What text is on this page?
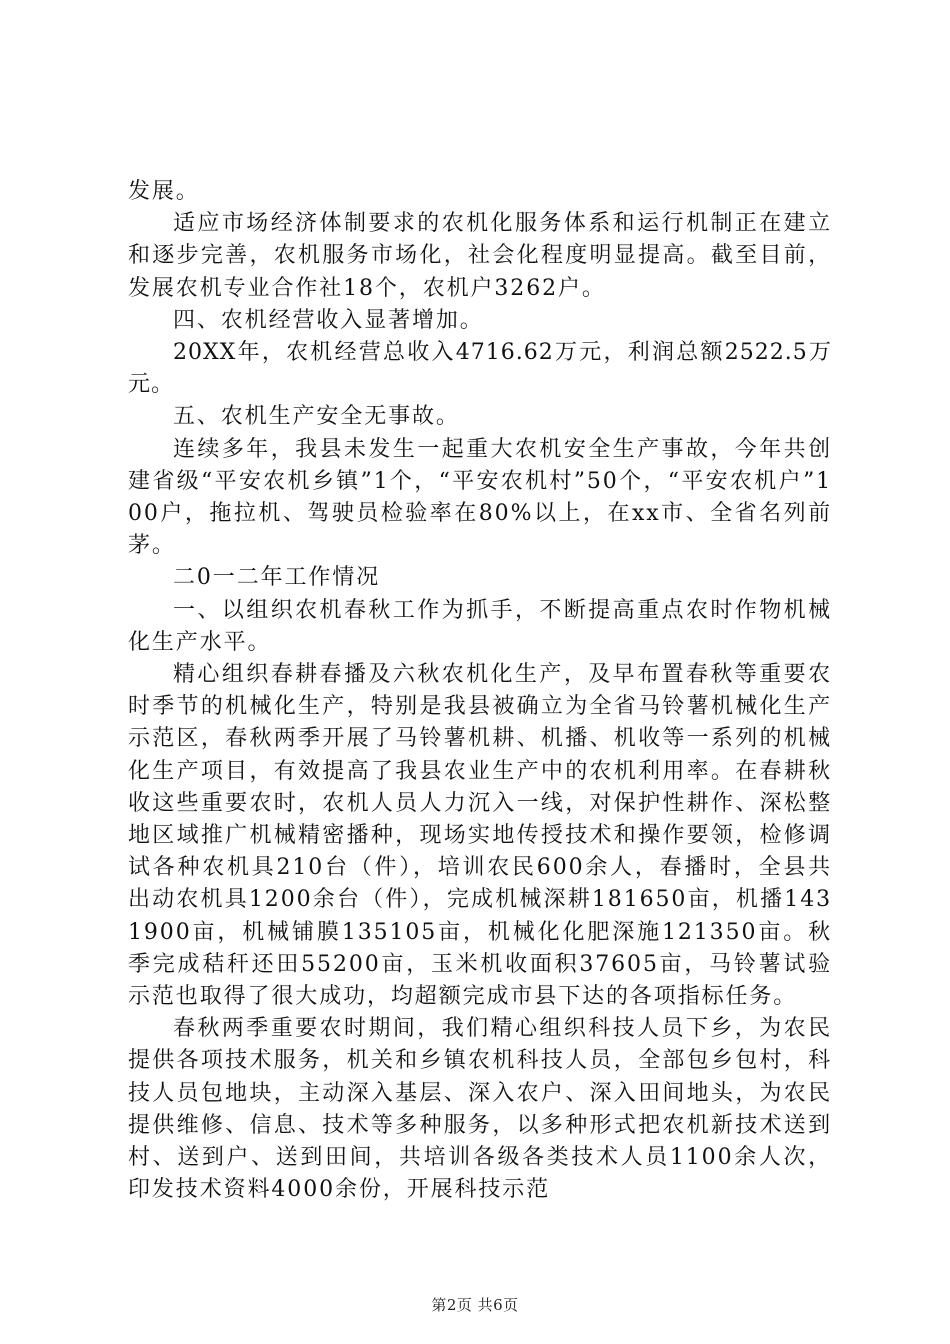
发展。

适应市场经济体制要求的农机化服务体系和运行机制正在建立和逐步完善，农机服务市场化，社会化程度明显提高。截至目前，发展农机专业合作社18个，农机户3262户。

四、农机经营收入显著增加。

20XX年，农机经营总收入4716.62万元，利润总额2522.5万元。

五、农机生产安全无事故。

连续多年，我县未发生一起重大农机安全生产事故，今年共创建省级“平安农机乡镇”1个，“平安农机村”50个，“平安农机户”100户，拖拉机、驾驶员检验率在80%以上，在xx市、全省名列前茅。

二0一二年工作情况

一、以组织农机春秋工作为抓手，不断提高重点农时作物机械化生产水平。

精心组织春耕春播及六秋农机化生产，及早布置春秋等重要农时季节的机械化生产，特别是我县被确立为全省马铃薯机械化生产示范区，春秋两季开展了马铃薯机耕、机播、机收等一系列的机械化生产项目，有效提高了我县农业生产中的农机利用率。在春耕秋收这些重要农时，农机人员人力沉入一线，对保护性耕作、深松整地区域推广机械精密播种，现场实地传授技术和操作要领，检修调试各种农机具210台（件），培训农民600余人，春播时，全县共出动农机具1200余台（件），完成机械深耕181650亩，机播1431900亩，机械铺膜135105亩，机械化化肥深施121350亩。秋季完成秸秆还田55200亩，玉米机收面积37605亩，马铃薯试验示范也取得了很大成功，均超额完成市县下达的各项指标任务。

春秋两季重要农时期间，我们精心组织科技人员下乡，为农民提供各项技术服务，机关和乡镇农机科技人员，全部包乡包村，科技人员包地块，主动深入基层、深入农户、深入田间地头，为农民提供维修、信息、技术等多种服务，以多种形式把农机新技术送到村、送到户、送到田间，共培训各级各类技术人员1100余人次，印发技术资料4000余份，开展科技示范

第2页 共6页
